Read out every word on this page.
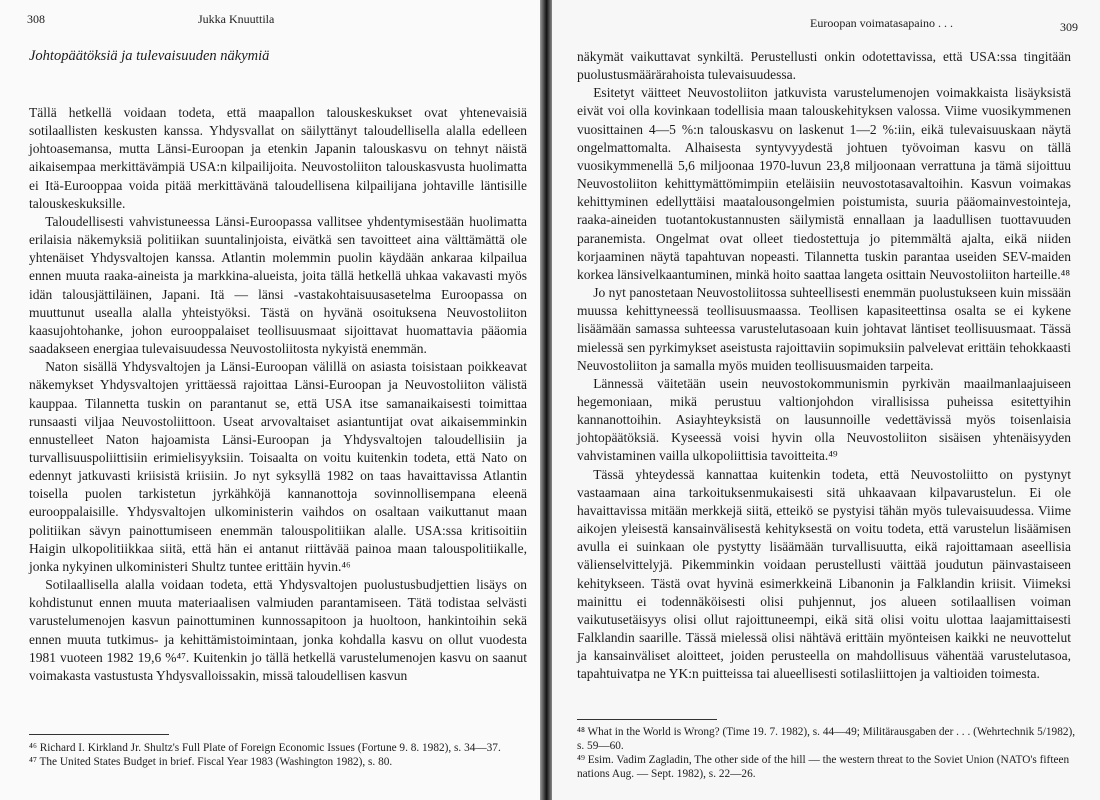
308	Jukka Knuuttila
Johtopäätöksiä ja tulevaisuuden näkymiä

Tällä hetkellä voidaan todeta, että maapallon talouskeskukset ovat yhtenevaisiä sotilaallisten keskusten kanssa. Yhdysvallat on säilyttänyt taloudellisella alalla edelleen johtoasemansa, mutta Länsi-Euroopan ja etenkin Japanin talouskasvu on tehnyt näistä aikaisempaa merkittävämpiä USA:n kilpailijoita. Neuvostoliiton talouskasvusta huolimatta ei Itä-Eurooppaa voida pitää merkittävänä taloudellisena kilpailijana johtaville läntisille talouskeskuksille.

Taloudellisesti vahvistuneessa Länsi-Euroopassa vallitsee yhdentymisestään huolimatta erilaisia näkemyksiä politiikan suuntalinjoista, eivätkä sen tavoitteet aina välttämättä ole yhtenäiset Yhdysvaltojen kanssa. Atlantin molemmin puolin käydään ankaraa kilpailua ennen muuta raaka-aineista ja markkina-alueista, joita tällä hetkellä uhkaa vakavasti myös idän talousjättiläinen, Japani. Itä — länsi -vastakohtaisuusasetelma Euroopassa on muuttunut usealla alalla yhteistyöksi. Tästä on hyvänä osoituksena Neuvostoliiton kaasujohtohanke, johon eurooppalaiset teollisuusmaat sijoittavat huomattavia pääomia saadakseen energiaa tulevaisuudessa Neuvostoliitosta nykyistä enemmän.

Naton sisällä Yhdysvaltojen ja Länsi-Euroopan välillä on asiasta toisistaan poikkeavat näkemykset Yhdysvaltojen yrittäessä rajoittaa Länsi-Euroopan ja Neuvostoliiton välistä kauppaa. Tilannetta tuskin on parantanut se, että USA itse samanaikaisesti toimittaa runsaasti viljaa Neuvostoliittoon. Useat arvovaltaiset asiantuntijat ovat aikaisemminkin ennustelleet Naton hajoamista Länsi-Euroopan ja Yhdysvaltojen taloudellisiin ja turvallisuuspoliittisiin erimielisyyksiin. Toisaalta on voitu kuitenkin todeta, että Nato on edennyt jatkuvasti kriisistä kriisiin. Jo nyt syksyllä 1982 on taas havaittavissa Atlantin toisella puolen tarkistetun jyrkähköjä kannanottoja sovinnollisempana eleenä eurooppalaisille. Yhdysvaltojen ulkoministerin vaihdos on osaltaan vaikuttanut maan politiikan sävyn painottumiseen enemmän talouspolitiikan alalle. USA:ssa kritisoitiin Haigin ulkopolitiikkaa siitä, että hän ei antanut riittävää painoa maan talouspolitiikalle, jonka nykyinen ulkoministeri Shultz tuntee erittäin hyvin.⁴⁶

Sotilaallisella alalla voidaan todeta, että Yhdysvaltojen puolustusbudjettien lisäys on kohdistunut ennen muuta materiaalisen valmiuden parantamiseen. Tätä todistaa selvästi varustelumenojen kasvun painottuminen kunnossapitoon ja huoltoon, hankintoihin sekä ennen muuta tutkimus- ja kehittämistoimintaan, jonka kohdalla kasvu on ollut vuodesta 1981 vuoteen 1982 19,6 %⁴⁷. Kuitenkin jo tällä hetkellä varustelumenojen kasvu on saanut voimakasta vastustusta Yhdysvalloissakin, missä taloudellisen kasvun

⁴⁶ Richard I. Kirkland Jr. Shultz's Full Plate of Foreign Economic Issues (Fortune 9. 8. 1982), s. 34—37.
⁴⁷ The United States Budget in brief. Fiscal Year 1983 (Washington 1982), s. 80.
Euroopan voimatasapaino . . .	309

näkymät vaikuttavat synkiltä. Perustellusti onkin odotettavissa, että USA:ssa tingitään puolustusmäärärahoista tulevaisuudessa.

Esitetyt väitteet Neuvostoliiton jatkuvista varustelumenojen voimakkaista lisäyksistä eivät voi olla kovinkaan todellisia maan talouskehityksen valossa. Viime vuosikymmenen vuosittainen 4—5 %:n talouskasvu on laskenut 1—2 %:iin, eikä tulevaisuuskaan näytä ongelmattomalta. Alhaisesta syntyvyydestä johtuen työvoiman kasvu on tällä vuosikymmenellä 5,6 miljoonaa 1970-luvun 23,8 miljoonaan verrattuna ja tämä sijoittuu Neuvostoliiton kehittymättömimpiin eteläisiin neuvostotasavaltoihin. Kasvun voimakas kehittyminen edellyttäisi maatalousongelmien poistumista, suuria pääomainvestointeja, raaka-aineiden tuotantokustannusten säilymistä ennallaan ja laadullisen tuottavuuden paranemista. Ongelmat ovat olleet tiedostettuja jo pitemmältä ajalta, eikä niiden korjaaminen näytä tapahtuvan nopeasti. Tilannetta tuskin parantaa useiden SEV-maiden korkea länsivelkaantuminen, minkä hoito saattaa langeta osittain Neuvostoliiton harteille.⁴⁸

Jo nyt panostetaan Neuvostoliitossa suhteellisesti enemmän puolustukseen kuin missään muussa kehittyneessä teollisuusmaassa. Teollisen kapasiteettinsa osalta se ei kykene lisäämään samassa suhteessa varustelutasoaan kuin johtavat läntiset teollisuusmaat. Tässä mielessä sen pyrkimykset aseistusta rajoittaviin sopimuksiin palvelevat erittäin tehokkaasti Neuvostoliiton ja samalla myös muiden teollisuusmaiden tarpeita.

Lännessä väitetään usein neuvostokommunismin pyrkivän maailmanlaajuiseen hegemoniaan, mikä perustuu valtionjohdon virallisissa puheissa esitettyihin kannanottoihin. Asiayhteyksistä on lausunnoille vedettävissä myös toisenlaisia johtopäätöksiä. Kyseessä voisi hyvin olla Neuvostoliiton sisäisen yhtenäisyyden vahvistaminen vailla ulkopoliittisia tavoitteita.⁴⁹

Tässä yhteydessä kannattaa kuitenkin todeta, että Neuvostoliitto on pystynyt vastaamaan aina tarkoituksenmukaisesti sitä uhkaavaan kilpavarustelun. Ei ole havaittavissa mitään merkkejä siitä, etteikö se pystyisi tähän myös tulevaisuudessa. Viime aikojen yleisestä kansainvälisestä kehityksestä on voitu todeta, että varustelun lisäämisen avulla ei suinkaan ole pystytty lisäämään turvallisuutta, eikä rajoittamaan aseellisia välienselvittelyjä. Pikemminkin voidaan perustellusti väittää joudutun päinvastaiseen kehitykseen. Tästä ovat hyvinä esimerkkeinä Libanonin ja Falklandin kriisit. Viimeksi mainittu ei todennäköisesti olisi puhjennut, jos alueen sotilaallisen voiman vaikutusetäisyys olisi ollut rajoittuneempi, eikä sitä olisi voitu ulottaa laajamittaisesti Falklandin saarille. Tässä mielessä olisi nähtävä erittäin myönteisen kaikki ne neuvottelut ja kansainväliset aloitteet, joiden perusteella on mahdollisuus vähentää varustelutasoa, tapahtuivatpa ne YK:n puitteissa tai alueellisesti sotilasliittojen ja valtioiden toimesta.

⁴⁸ What in the World is Wrong? (Time 19. 7. 1982), s. 44—49; Militärausgaben der . . . (Wehrtechnik 5/1982), s. 59—60.
⁴⁹ Esim. Vadim Zagladin, The other side of the hill — the western threat to the Soviet Union (NATO's fifteen nations Aug. — Sept. 1982), s. 22—26.
